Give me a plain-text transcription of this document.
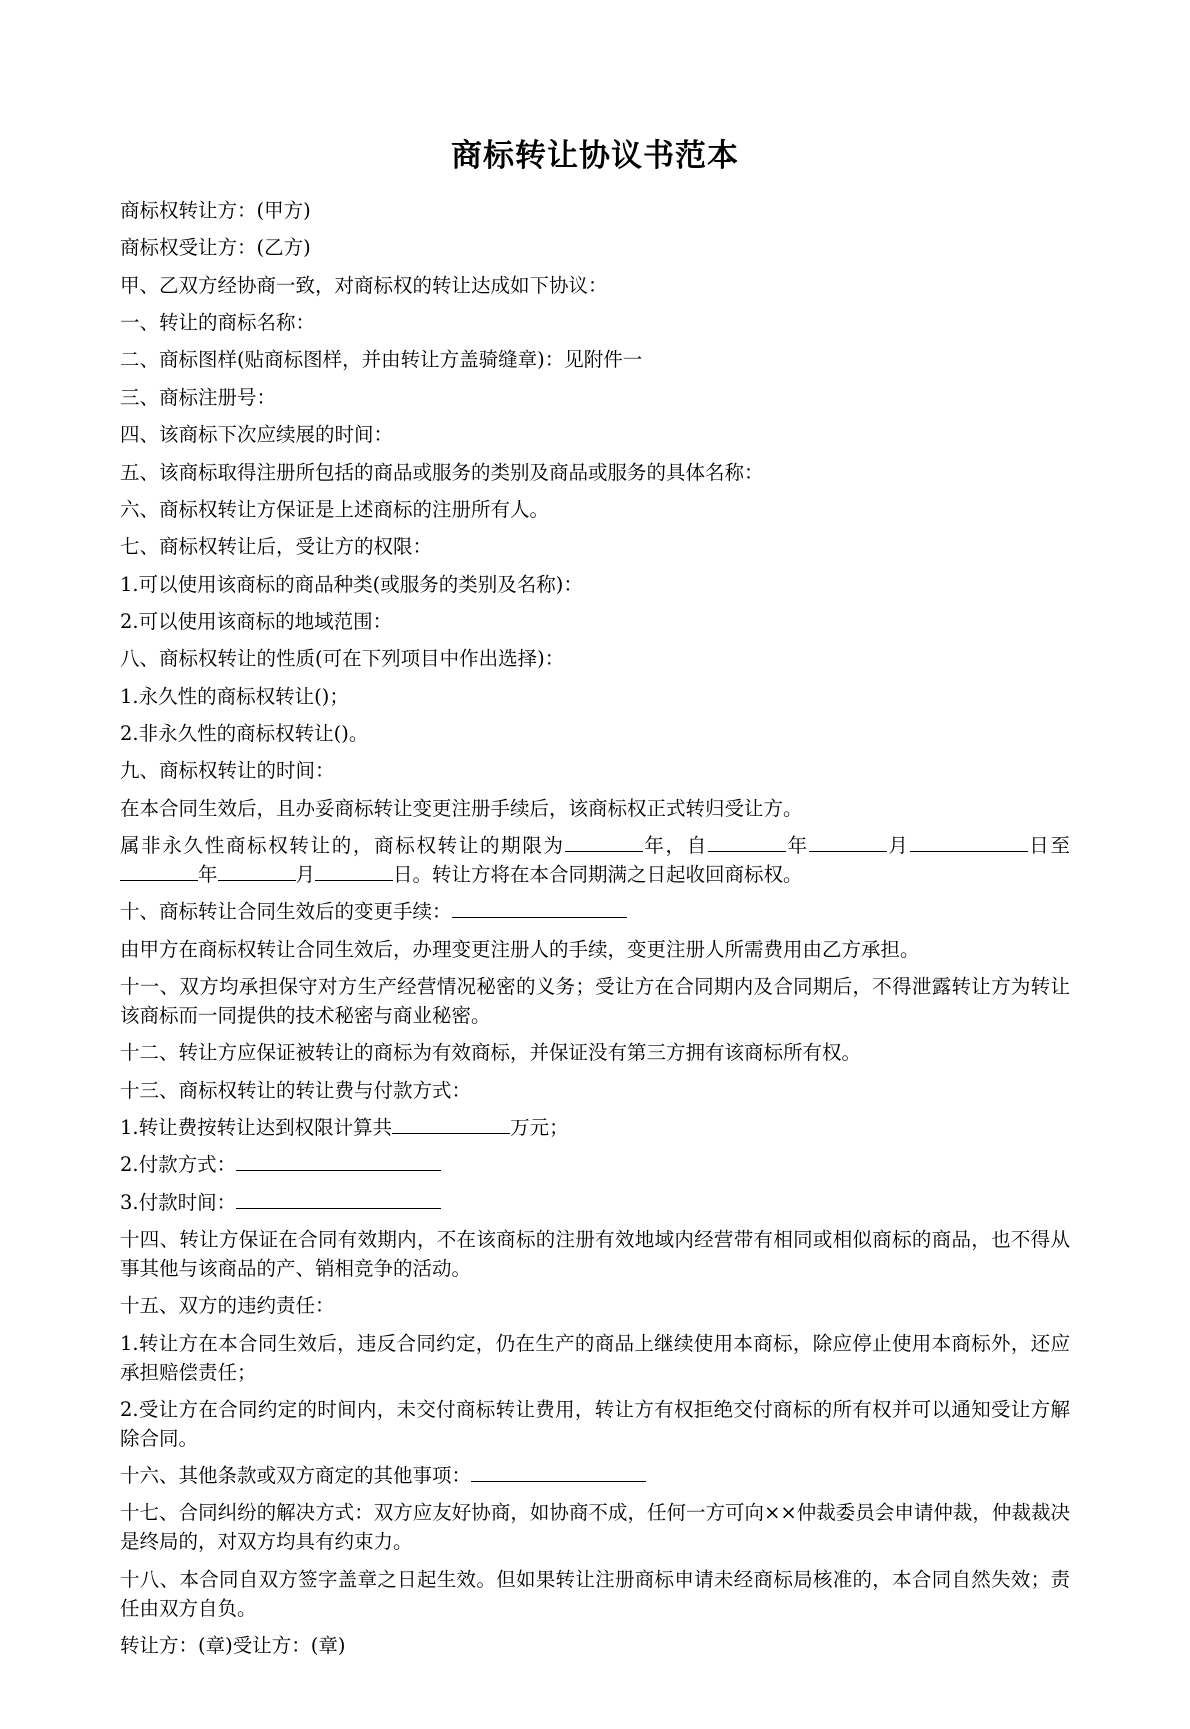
商标转让协议书范本

商标权转让方：(甲方)

商标权受让方：(乙方)

甲、乙双方经协商一致，对商标权的转让达成如下协议：

一、转让的商标名称：

二、商标图样(贴商标图样，并由转让方盖骑缝章)：见附件一

三、商标注册号：

四、该商标下次应续展的时间：

五、该商标取得注册所包括的商品或服务的类别及商品或服务的具体名称：

六、商标权转让方保证是上述商标的注册所有人。

七、商标权转让后，受让方的权限：

1.可以使用该商标的商品种类(或服务的类别及名称)：

2.可以使用该商标的地域范围：

八、商标权转让的性质(可在下列项目中作出选择)：

1.永久性的商标权转让()；

2.非永久性的商标权转让()。

九、商标权转让的时间：

在本合同生效后，且办妥商标转让变更注册手续后，该商标权正式转归受让方。

属非永久性商标权转让的，商标权转让的期限为	年，自	年	月	日至年	月	日。转让方将在本合同期满之日起收回商标权。

十、商标转让合同生效后的变更手续：

由甲方在商标权转让合同生效后，办理变更注册人的手续，变更注册人所需费用由乙方承担。

十一、双方均承担保守对方生产经营情况秘密的义务；受让方在合同期内及合同期后，不得泄露转让方为转让该商标而一同提供的技术秘密与商业秘密。

十二、转让方应保证被转让的商标为有效商标，并保证没有第三方拥有该商标所有权。

十三、商标权转让的转让费与付款方式：

1.转让费按转让达到权限计算共	万元；

2.付款方式：

3.付款时间：

十四、转让方保证在合同有效期内，不在该商标的注册有效地域内经营带有相同或相似商标的商品，也不得从事其他与该商品的产、销相竞争的活动。

十五、双方的违约责任：

1.转让方在本合同生效后，违反合同约定，仍在生产的商品上继续使用本商标，除应停止使用本商标外，还应承担赔偿责任；

2.受让方在合同约定的时间内，未交付商标转让费用，转让方有权拒绝交付商标的所有权并可以通知受让方解除合同。

十六、其他条款或双方商定的其他事项：

十七、合同纠纷的解决方式：双方应友好协商，如协商不成，任何一方可向××仲裁委员会申请仲裁，仲裁裁决是终局的，对双方均具有约束力。

十八、本合同自双方签字盖章之日起生效。但如果转让注册商标申请未经商标局核准的，本合同自然失效；责任由双方自负。

转让方：(章)受让方：(章)
